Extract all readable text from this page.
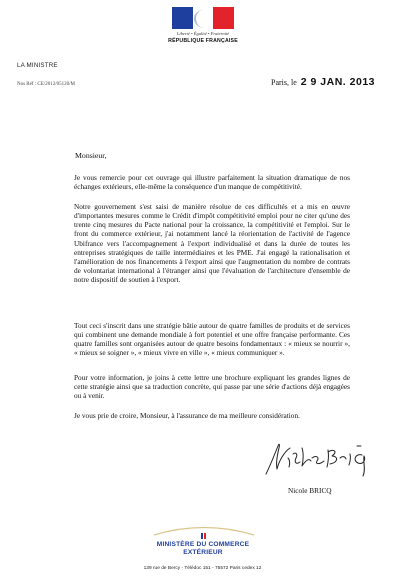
Liberté • Égalité • Fraternité
RÉPUBLIQUE FRANÇAISE
LA MINISTRE
Nos Réf : CE/2012/05120/M	Paris, le 2 9 JAN. 2013
Monsieur,
Je vous remercie pour cet ouvrage qui illustre parfaitement la situation dramatique de nos échanges extérieurs, elle-même la conséquence d'un manque de compétitivité.
Notre gouvernement s'est saisi de manière résolue de ces difficultés et a mis en œuvre d'importantes mesures comme le Crédit d'impôt compétitivité emploi pour ne citer qu'une des trente cinq mesures du Pacte national pour la croissance, la compétitivité et l'emploi. Sur le front du commerce extérieur, j'ai notamment lancé la réorientation de l'activité de l'agence Ubifrance vers l'accompagnement à l'export individualisé et dans la durée de toutes les entreprises stratégiques de taille intermédiaires et les PME. J'ai engagé la rationalisation et l'amélioration de nos financements à l'export ainsi que l'augmentation du nombre de contrats de volontariat international à l'étranger ainsi que l'évaluation de l'architecture d'ensemble de notre dispositif de soutien à l'export.
Tout ceci s'inscrit dans une stratégie bâtie autour de quatre familles de produits et de services qui combinent une demande mondiale à fort potentiel et une offre française performante. Ces quatre familles sont organisées autour de quatre besoins fondamentaux : « mieux se nourrir », « mieux se soigner », « mieux vivre en ville », « mieux communiquer ».
Pour votre information, je joins à cette lettre une brochure expliquant les grandes lignes de cette stratégie ainsi que sa traduction concrète, qui passe par une série d'actions déjà engagées ou à venir.
Je vous prie de croire, Monsieur, à l'assurance de ma meilleure considération.
Nicole BRICQ
MINISTÈRE DU COMMERCE
EXTÉRIEUR
139 rue de Bercy - Télédoc 151 - 75572 Paris cedex 12
